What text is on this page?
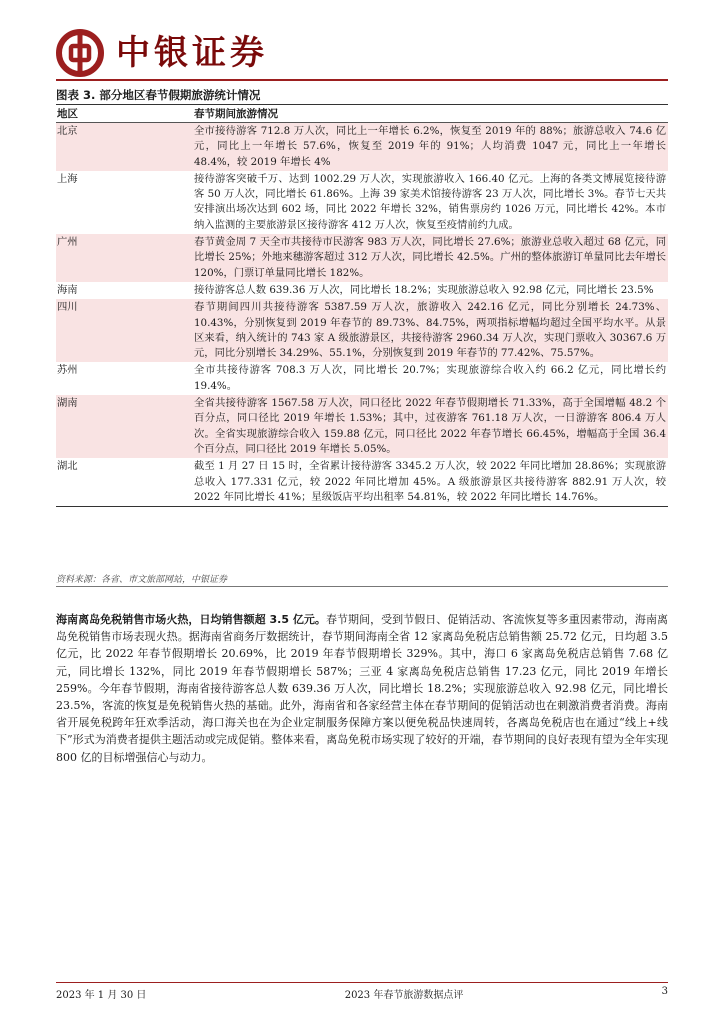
中银证券
图表 3. 部分地区春节假期旅游统计情况
地区	春节期间旅游情况
北京	全市接待游客 712.8 万人次，同比上一年增长 6.2%，恢复至 2019 年的 88%；旅游总收入 74.6 亿元，同比上一年增长 57.6%，恢复至 2019 年的 91%；人均消费 1047 元，同比上一年增长 48.4%，较 2019 年增长 4%
上海	接待游客突破千万、达到 1002.29 万人次，实现旅游收入 166.40 亿元。上海的各类文博展览接待游客 50 万人次，同比增长 61.86%。上海 39 家美术馆接待游客 23 万人次，同比增长 3%。春节七天共安排演出场次达到 602 场，同比 2022 年增长 32%，销售票房约 1026 万元，同比增长 42%。本市纳入监测的主要旅游景区接待游客 412 万人次，恢复至疫情前约九成。
广州	春节黄金周 7 天全市共接待市民游客 983 万人次，同比增长 27.6%；旅游业总收入超过 68 亿元，同比增长 25%；外地来穗游客超过 312 万人次，同比增长 42.5%。广州的整体旅游订单量同比去年增长 120%，门票订单量同比增长 182%。
海南	接待游客总人数 639.36 万人次，同比增长 18.2%；实现旅游总收入 92.98 亿元，同比增长 23.5%
四川	春节期间四川共接待游客 5387.59 万人次，旅游收入 242.16 亿元，同比分别增长 24.73%、10.43%，分别恢复到 2019 年春节的 89.73%、84.75%，两项指标增幅均超过全国平均水平。从景区来看，纳入统计的 743 家 A 级旅游景区，共接待游客 2960.34 万人次，实现门票收入 30367.6 万元，同比分别增长 34.29%、55.1%，分别恢复到 2019 年春节的 77.42%、75.57%。
苏州	全市共接待游客 708.3 万人次，同比增长 20.7%；实现旅游综合收入约 66.2 亿元，同比增长约 19.4%。
湖南	全省共接待游客 1567.58 万人次，同口径比 2022 年春节假期增长 71.33%，高于全国增幅 48.2 个百分点，同口径比 2019 年增长 1.53%；其中，过夜游客 761.18 万人次，一日游游客 806.4 万人次。全省实现旅游综合收入 159.88 亿元，同口径比 2022 年春节增长 66.45%，增幅高于全国 36.4 个百分点，同口径比 2019 年增长 5.05%。
湖北	截至 1 月 27 日 15 时，全省累计接待游客 3345.2 万人次，较 2022 年同比增加 28.86%；实现旅游总收入 177.331 亿元，较 2022 年同比增加 45%。A 级旅游景区共接待游客 882.91 万人次，较 2022 年同比增长 41%；星级饭店平均出租率 54.81%，较 2022 年同比增长 14.76%。
资料来源：各省、市文旅部网站，中银证券
海南离岛免税销售市场火热，日均销售额超 3.5 亿元。春节期间，受到节假日、促销活动、客流恢复等多重因素带动，海南离岛免税销售市场表现火热。据海南省商务厅数据统计，春节期间海南全省 12 家离岛免税店总销售额 25.72 亿元，日均超 3.5 亿元，比 2022 年春节假期增长 20.69%，比 2019 年春节假期增长 329%。其中，海口 6 家离岛免税店总销售 7.68 亿元，同比增长 132%，同比 2019 年春节假期增长 587%；三亚 4 家离岛免税店总销售 17.23 亿元，同比 2019 年增长 259%。今年春节假期，海南省接待游客总人数 639.36 万人次，同比增长 18.2%；实现旅游总收入 92.98 亿元，同比增长 23.5%，客流的恢复是免税销售火热的基础。此外，海南省和各家经营主体在春节期间的促销活动也在刺激消费者消费。海南省开展免税跨年狂欢季活动，海口海关也在为企业定制服务保障方案以便免税品快速周转，各离岛免税店也在通过“线上+线下”形式为消费者提供主题活动或完成促销。整体来看，离岛免税市场实现了较好的开端，春节期间的良好表现有望为全年实现 800 亿的目标增强信心与动力。
2023 年 1 月 30 日	2023 年春节旅游数据点评	3
